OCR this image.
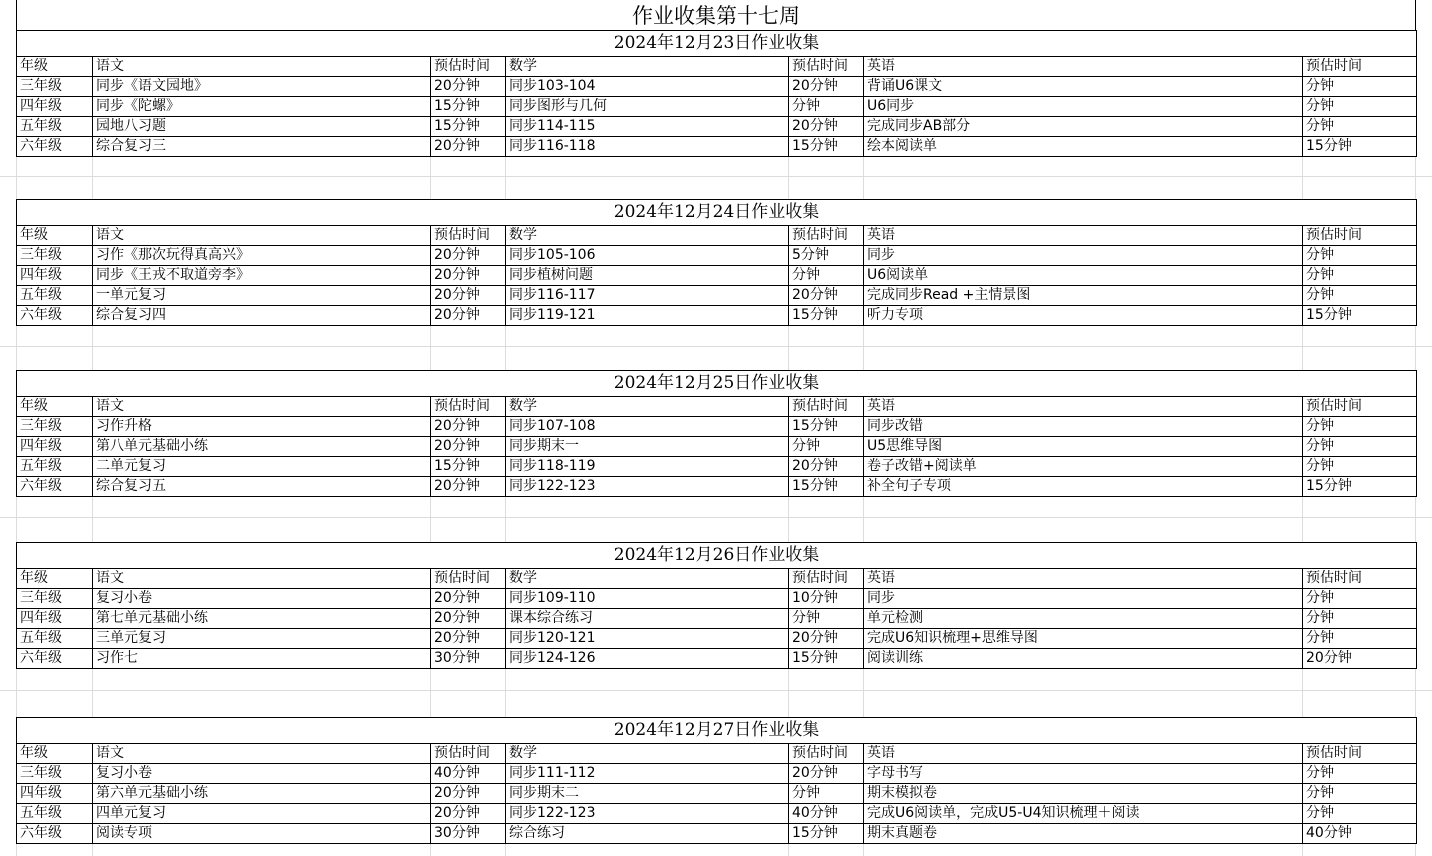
作业收集第十七周
2024年12月23日作业收集						
年级	语文	预估时间	数学	预估时间	英语	预估时间
三年级	同步《语文园地》	20分钟	同步103-104	20分钟	背诵U6课文	分钟
四年级	同步《陀螺》	15分钟	同步图形与几何	分钟	U6同步	分钟
五年级	园地八习题	15分钟	同步114-115	20分钟	完成同步AB部分	分钟
六年级	综合复习三	20分钟	同步116-118	15分钟	绘本阅读单	15分钟
2024年12月24日作业收集						
年级	语文	预估时间	数学	预估时间	英语	预估时间
三年级	习作《那次玩得真高兴》	20分钟	同步105-106	5分钟	同步	分钟
四年级	同步《王戎不取道旁李》	20分钟	同步植树问题	分钟	U6阅读单	分钟
五年级	一单元复习	20分钟	同步116-117	20分钟	完成同步Read +主情景图	分钟
六年级	综合复习四	20分钟	同步119-121	15分钟	听力专项	15分钟
2024年12月25日作业收集						
年级	语文	预估时间	数学	预估时间	英语	预估时间
三年级	习作升格	20分钟	同步107-108	15分钟	同步改错	分钟
四年级	第八单元基础小练	20分钟	同步期末一	分钟	U5思维导图	分钟
五年级	二单元复习	15分钟	同步118-119	20分钟	卷子改错+阅读单	分钟
六年级	综合复习五	20分钟	同步122-123	15分钟	补全句子专项	15分钟
2024年12月26日作业收集						
年级	语文	预估时间	数学	预估时间	英语	预估时间
三年级	复习小卷	20分钟	同步109-110	10分钟	同步	分钟
四年级	第七单元基础小练	20分钟	课本综合练习	分钟	单元检测	分钟
五年级	三单元复习	20分钟	同步120-121	20分钟	完成U6知识梳理+思维导图	分钟
六年级	习作七	30分钟	同步124-126	15分钟	阅读训练	20分钟
2024年12月27日作业收集						
年级	语文	预估时间	数学	预估时间	英语	预估时间
三年级	复习小卷	40分钟	同步111-112	20分钟	字母书写	分钟
四年级	第六单元基础小练	20分钟	同步期末二	分钟	期末模拟卷	分钟
五年级	四单元复习	20分钟	同步122-123	40分钟	完成U6阅读单，完成U5-U4知识梳理＋阅读	分钟
六年级	阅读专项	30分钟	综合练习	15分钟	期末真题卷	40分钟
